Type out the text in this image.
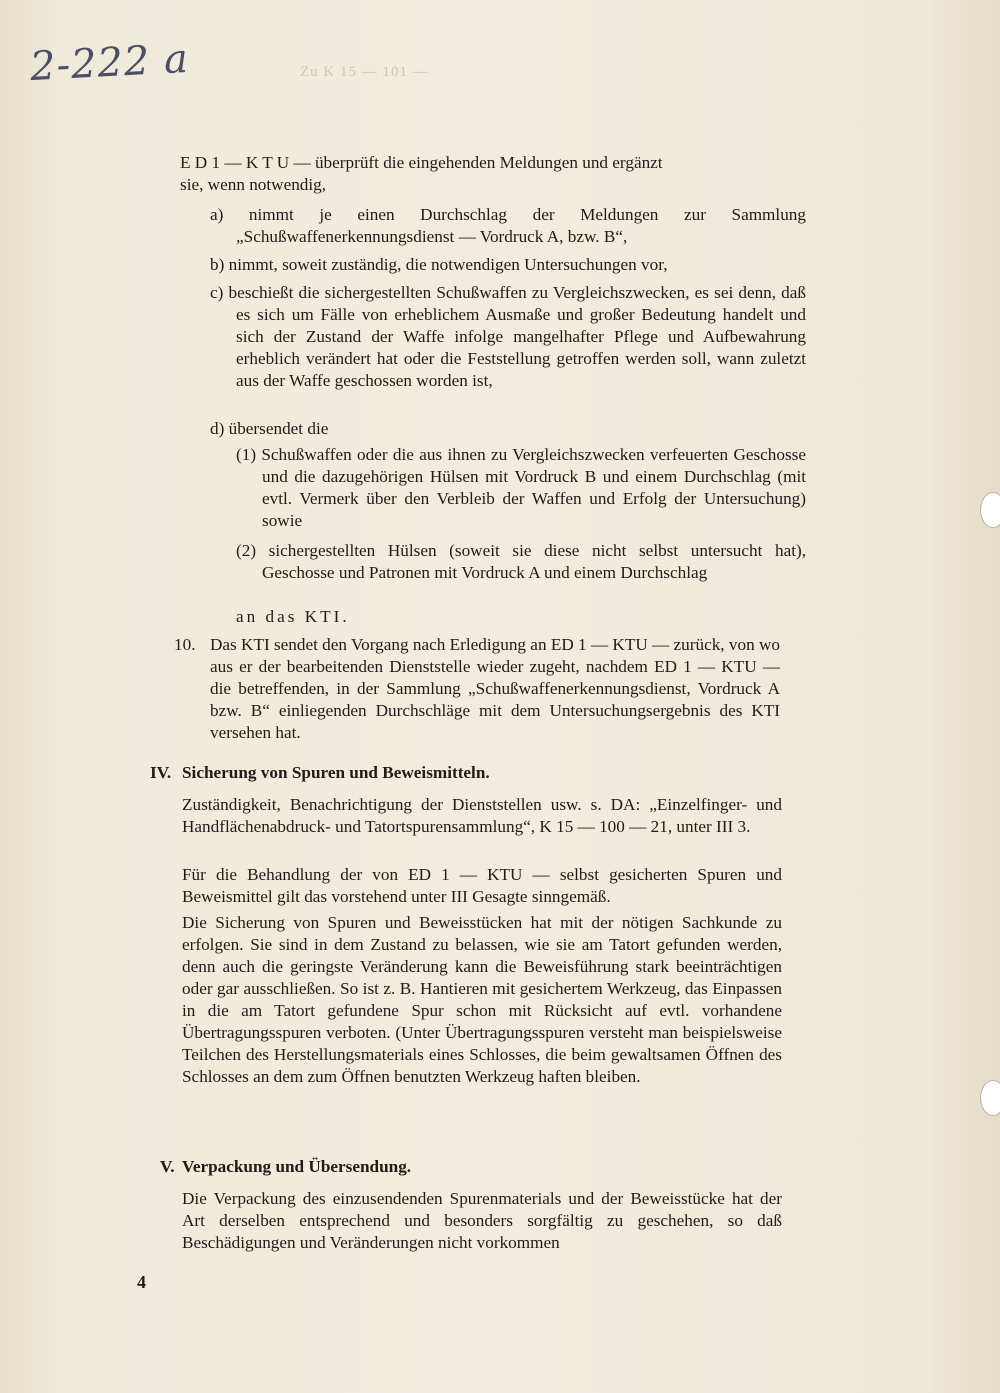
2-222 a	Zu K 15 — 101 —
E D 1 — K T U — überprüft die eingehenden Meldungen und ergänzt
sie, wenn notwendig,
a) nimmt je einen Durchschlag der Meldungen zur Sammlung „Schußwaffenerkennungsdienst — Vordruck A, bzw. B“,
b) nimmt, soweit zuständig, die notwendigen Untersuchungen vor,
c) beschießt die sichergestellten Schußwaffen zu Vergleichszwecken, es sei denn, daß es sich um Fälle von erheblichem Ausmaße und großer Bedeutung handelt und sich der Zustand der Waffe infolge mangelhafter Pflege und Aufbewahrung erheblich verändert hat oder die Feststellung getroffen werden soll, wann zuletzt aus der Waffe geschossen worden ist,
d) übersendet die
(1) Schußwaffen oder die aus ihnen zu Vergleichszwecken verfeuerten Geschosse und die dazugehörigen Hülsen mit Vordruck B und einem Durchschlag (mit evtl. Vermerk über den Verbleib der Waffen und Erfolg der Untersuchung) sowie
(2) sichergestellten Hülsen (soweit sie diese nicht selbst untersucht hat), Geschosse und Patronen mit Vordruck A und einem Durchschlag
an das KTI.
10. Das KTI sendet den Vorgang nach Erledigung an ED 1 — KTU — zurück, von wo aus er der bearbeitenden Dienststelle wieder zugeht, nachdem ED 1 — KTU — die betreffenden, in der Sammlung „Schußwaffenerkennungsdienst, Vordruck A bzw. B“ einliegenden Durchschläge mit dem Untersuchungsergebnis des KTI versehen hat.
IV. Sicherung von Spuren und Beweismitteln.
Zuständigkeit, Benachrichtigung der Dienststellen usw. s. DA: „Einzelfinger- und Handflächenabdruck- und Tatortspurensammlung“, K 15 — 100 — 21, unter III 3.
Für die Behandlung der von ED 1 — KTU — selbst gesicherten Spuren und Beweismittel gilt das vorstehend unter III Gesagte sinngemäß.
Die Sicherung von Spuren und Beweisstücken hat mit der nötigen Sachkunde zu erfolgen. Sie sind in dem Zustand zu belassen, wie sie am Tatort gefunden werden, denn auch die geringste Veränderung kann die Beweisführung stark beeinträchtigen oder gar ausschließen. So ist z. B. Hantieren mit gesichertem Werkzeug, das Einpassen in die am Tatort gefundene Spur schon mit Rücksicht auf evtl. vorhandene Übertragungsspuren verboten. (Unter Übertragungsspuren versteht man beispielsweise Teilchen des Herstellungsmaterials eines Schlosses, die beim gewaltsamen Öffnen des Schlosses an dem zum Öffnen benutzten Werkzeug haften bleiben.
V. Verpackung und Übersendung.
Die Verpackung des einzusendenden Spurenmaterials und der Beweisstücke hat der Art derselben entsprechend und besonders sorgfältig zu geschehen, so daß Beschädigungen und Veränderungen nicht vorkommen
4
